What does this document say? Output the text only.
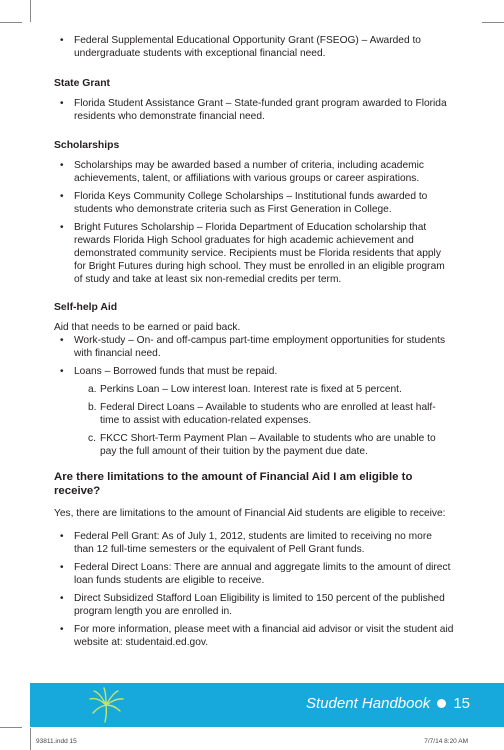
• Federal Supplemental Educational Opportunity Grant (FSEOG) – Awarded to undergraduate students with exceptional financial need.
State Grant
• Florida Student Assistance Grant – State-funded grant program awarded to Florida residents who demonstrate financial need.
Scholarships
• Scholarships may be awarded based a number of criteria, including academic achievements, talent, or affiliations with various groups or career aspirations.
• Florida Keys Community College Scholarships – Institutional funds awarded to students who demonstrate criteria such as First Generation in College.
• Bright Futures Scholarship – Florida Department of Education scholarship that rewards Florida High School graduates for high academic achievement and demonstrated community service. Recipients must be Florida residents that apply for Bright Futures during high school. They must be enrolled in an eligible program of study and take at least six non-remedial credits per term.
Self-help Aid

Aid that needs to be earned or paid back.

• Work-study – On- and off-campus part-time employment opportunities for students with financial need.
• Loans – Borrowed funds that must be repaid.
a. Perkins Loan – Low interest loan. Interest rate is fixed at 5 percent.
b. Federal Direct Loans – Available to students who are enrolled at least half-time to assist with education-related expenses.
c. FKCC Short-Term Payment Plan – Available to students who are unable to pay the full amount of their tuition by the payment due date.
Are there limitations to the amount of Financial Aid I am eligible to receive?

Yes, there are limitations to the amount of Financial Aid students are eligible to receive:

• Federal Pell Grant: As of July 1, 2012, students are limited to receiving no more than 12 full-time semesters or the equivalent of Pell Grant funds.
• Federal Direct Loans: There are annual and aggregate limits to the amount of direct loan funds students are eligible to receive.
• Direct Subsidized Stafford Loan Eligibility is limited to 150 percent of the published program length you are enrolled in.
• For more information, please meet with a financial aid advisor or visit the student aid website at: studentaid.ed.gov.
Student Handbook 15
93811.indd 15	7/7/14 8:20 AM
